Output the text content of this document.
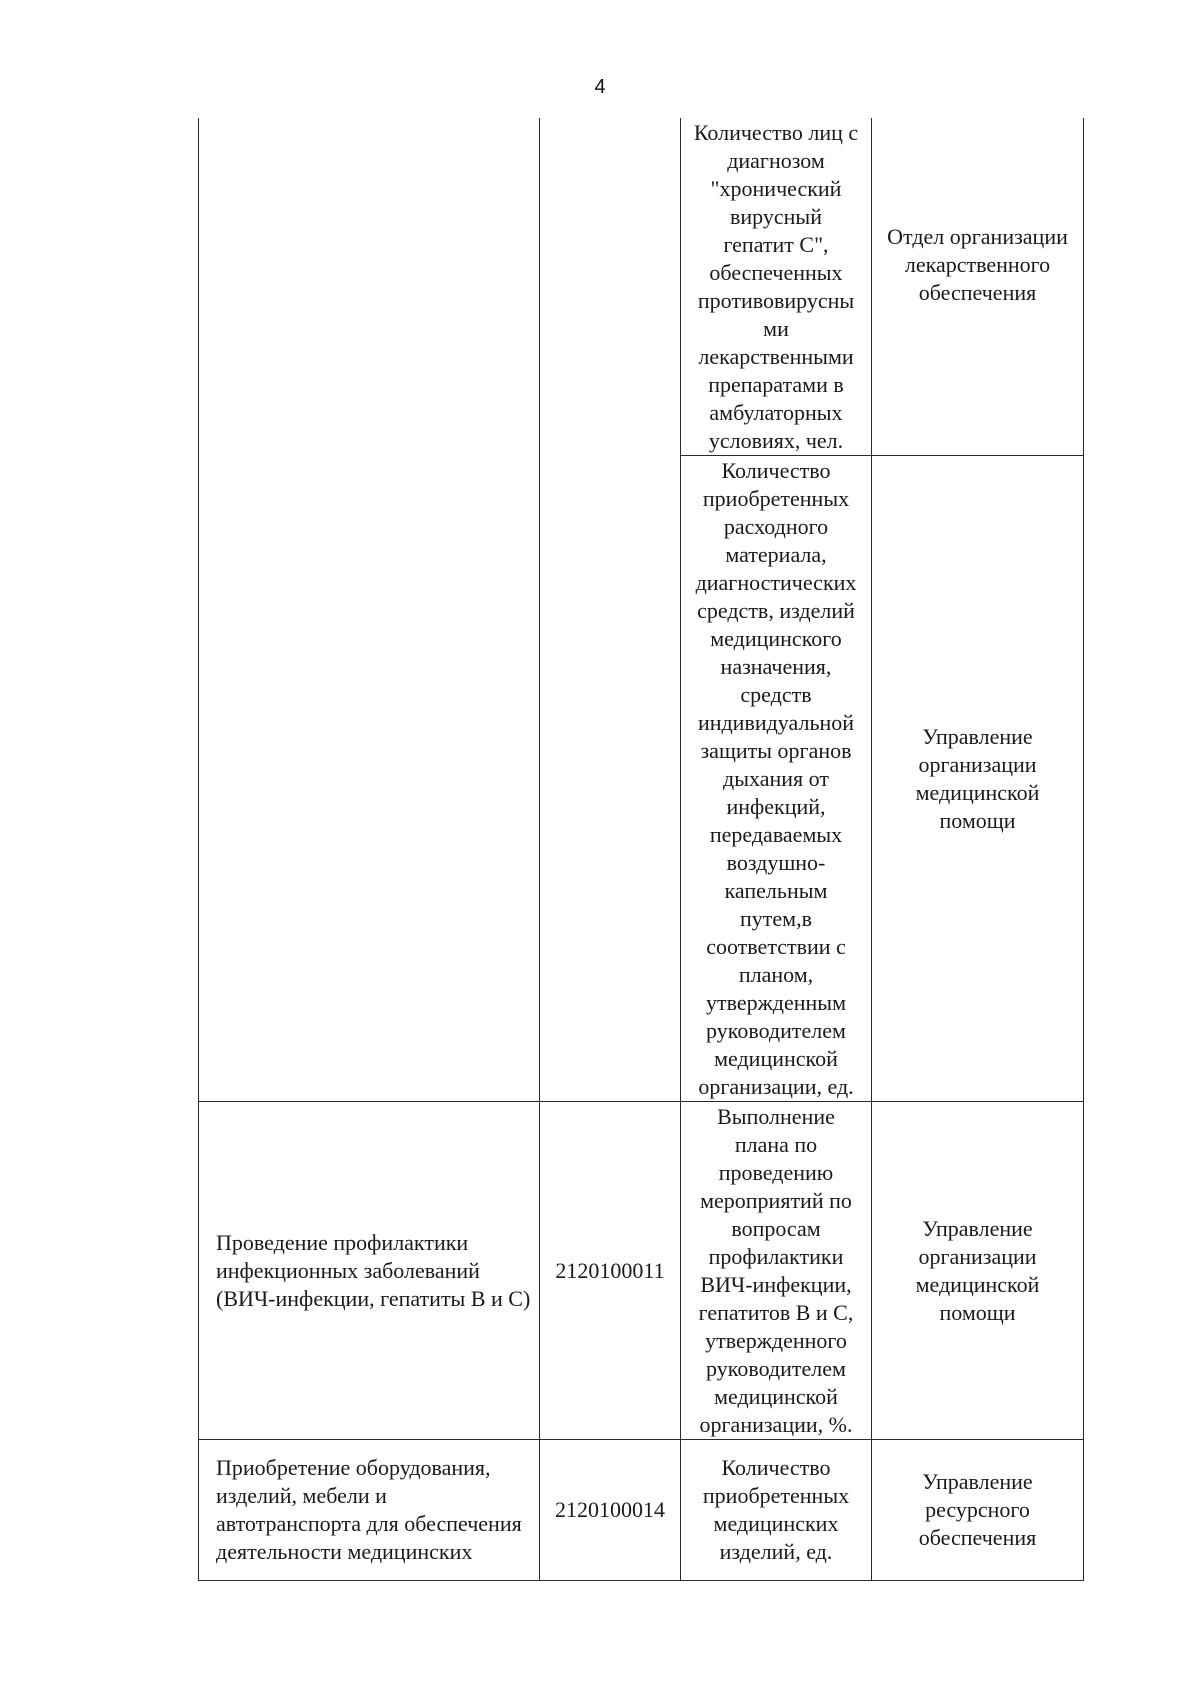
4
Количество лиц с
диагнозом
"хронический
вирусный
гепатит С",
обеспеченных
противовирусны
ми
лекарственными
препаратами в
амбулаторных
условиях, чел.
Отдел организации
лекарственного
обеспечения
Количество
приобретенных
расходного
материала,
диагностических
средств, изделий
медицинского
назначения,
средств
индивидуальной
защиты органов
дыхания от
инфекций,
передаваемых
воздушно-
капельным
путем,в
соответствии с
планом,
утвержденным
руководителем
медицинской
организации, ед.
Управление
организации
медицинской
помощи
Проведение профилактики
инфекционных заболеваний
(ВИЧ-инфекции, гепатиты В и С)
2120100011
Выполнение
плана по
проведению
мероприятий по
вопросам
профилактики
ВИЧ-инфекции,
гепатитов В и С,
утвержденного
руководителем
медицинской
организации, %.
Управление
организации
медицинской
помощи
Приобретение оборудования,
изделий, мебели и
автотранспорта для обеспечения
деятельности медицинских
2120100014
Количество
приобретенных
медицинских
изделий, ед.
Управление
ресурсного
обеспечения
